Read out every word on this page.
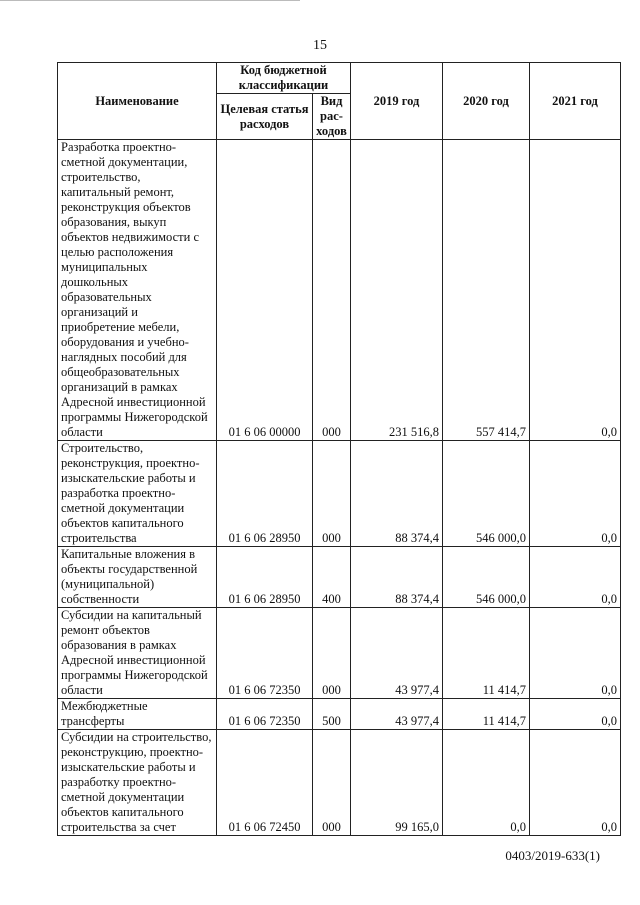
15
Наименование	Код бюджетной классификации		2019 год	2020 год	2021 год
	Целевая статья расходов	Вид рас-ходов			
Разработка проектно-сметной документации, строительство, капитальный ремонт, реконструкция объектов образования, выкуп объектов недвижимости с целью расположения муниципальных дошкольных образовательных организаций и приобретение мебели, оборудования и учебно-наглядных пособий для общеобразовательных организаций в рамках Адресной инвестиционной программы Нижегородской области	01 6 06 00000	000	231 516,8	557 414,7	0,0
Строительство, реконструкция, проектно-изыскательские работы и разработка проектно-сметной документации объектов капитального строительства	01 6 06 28950	000	88 374,4	546 000,0	0,0
Капитальные вложения в объекты государственной (муниципальной) собственности	01 6 06 28950	400	88 374,4	546 000,0	0,0
Субсидии на капитальный ремонт объектов образования в рамках Адресной инвестиционной программы Нижегородской области	01 6 06 72350	000	43 977,4	11 414,7	0,0
Межбюджетные трансферты	01 6 06 72350	500	43 977,4	11 414,7	0,0
Субсидии на строительство, реконструкцию, проектно-изыскательские работы и разработку проектно-сметной документации объектов капитального строительства за счет	01 6 06 72450	000	99 165,0	0,0	0,0
0403/2019-633(1)
